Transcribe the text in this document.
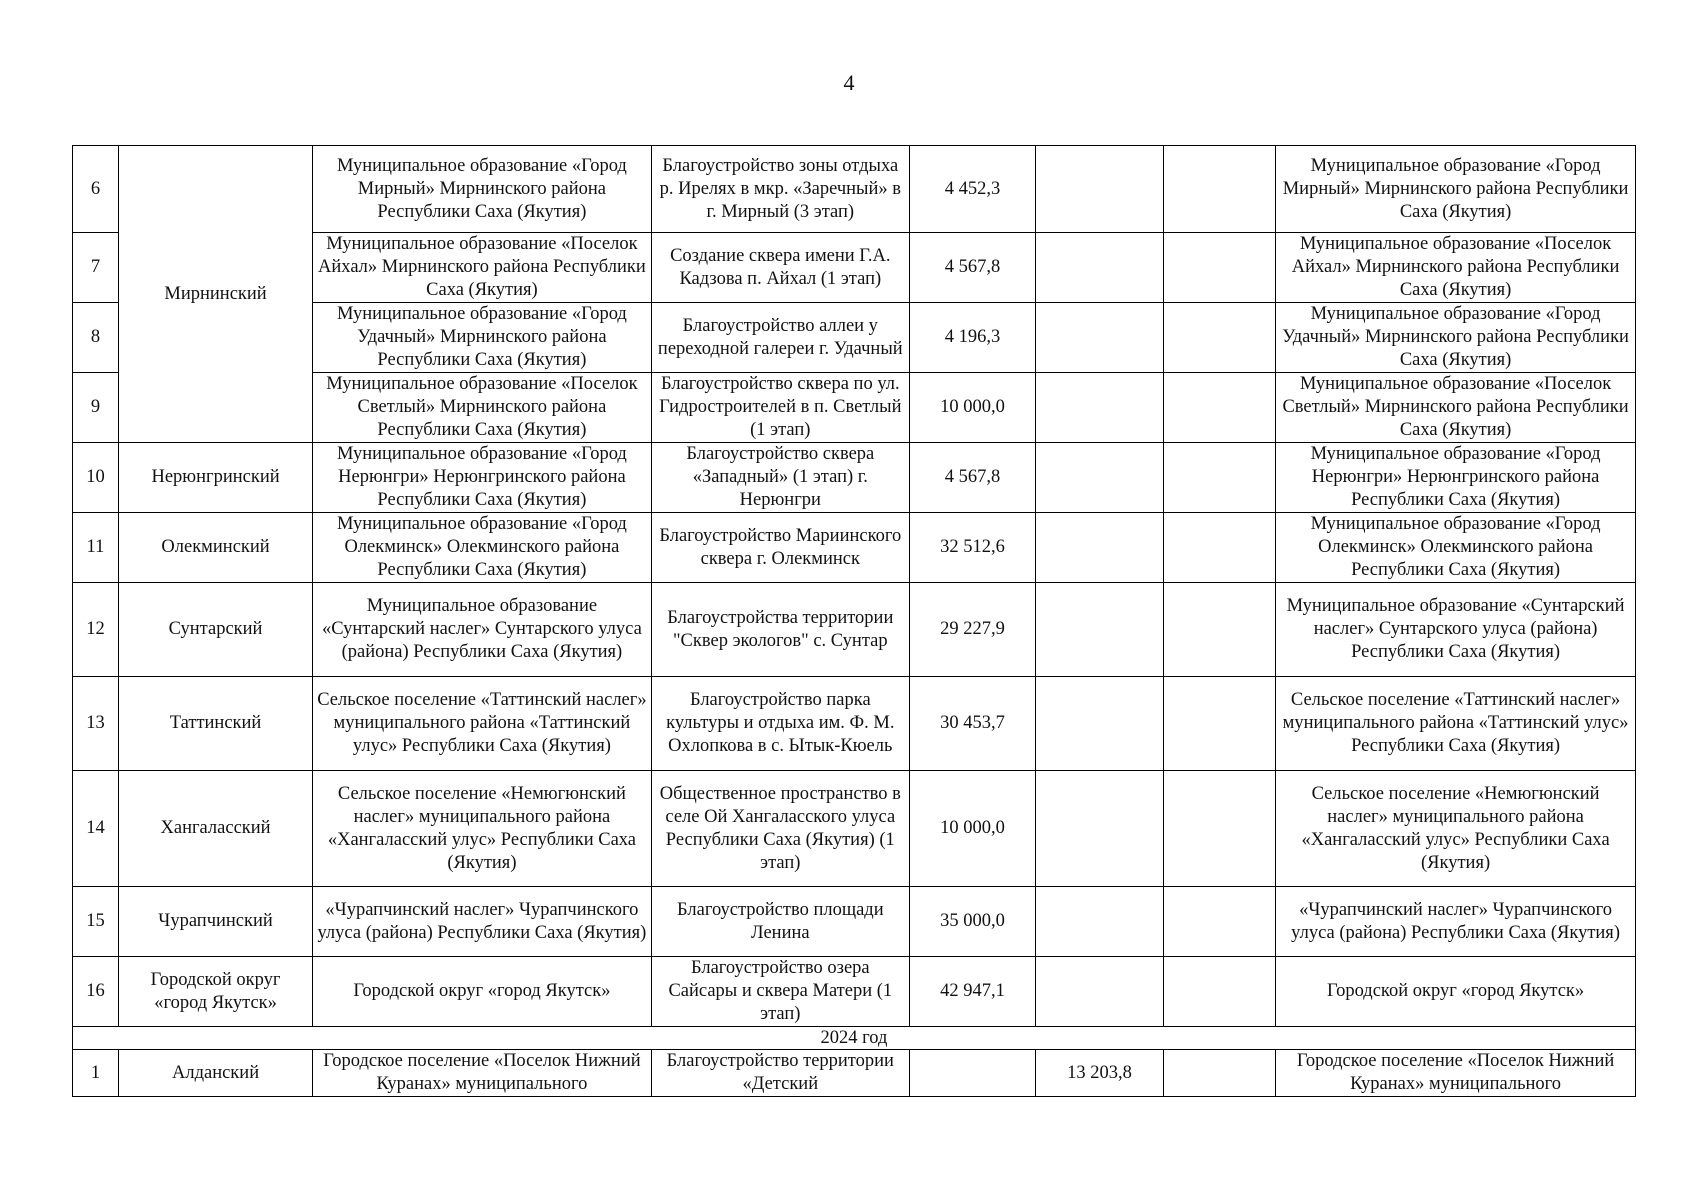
4
6	Мирнинский	Муниципальное образование «Город Мирный» Мирнинского района Республики Саха (Якутия)	Благоустройство зоны отдыха р. Ирелях в мкр. «Заречный» в г. Мирный (3 этап)	4 452,3			Муниципальное образование «Город Мирный» Мирнинского района Республики Саха (Якутия)
7		Муниципальное образование «Поселок Айхал» Мирнинского района Республики Саха (Якутия)	Создание сквера имени Г.А. Кадзова п. Айхал (1 этап)	4 567,8			Муниципальное образование «Поселок Айхал» Мирнинского района Республики Саха (Якутия)
8		Муниципальное образование «Город Удачный» Мирнинского района Республики Саха (Якутия)	Благоустройство аллеи у переходной галереи г. Удачный	4 196,3			Муниципальное образование «Город Удачный» Мирнинского района Республики Саха (Якутия)
9		Муниципальное образование «Поселок Светлый» Мирнинского района Республики Саха (Якутия)	Благоустройство сквера по ул. Гидростроителей в п. Светлый (1 этап)	10 000,0			Муниципальное образование «Поселок Светлый» Мирнинского района Республики Саха (Якутия)
10	Нерюнгринский	Муниципальное образование «Город Нерюнгри» Нерюнгринского района Республики Саха (Якутия)	Благоустройство сквера «Западный» (1 этап) г. Нерюнгри	4 567,8			Муниципальное образование «Город Нерюнгри» Нерюнгринского района Республики Саха (Якутия)
11	Олекминский	Муниципальное образование «Город Олекминск» Олекминского района Республики Саха (Якутия)	Благоустройство Мариинского сквера г. Олекминск	32 512,6			Муниципальное образование «Город Олекминск» Олекминского района Республики Саха (Якутия)
12	Сунтарский	Муниципальное образование «Сунтарский наслег» Сунтарского улуса (района) Республики Саха (Якутия)	Благоустройства территории "Сквер экологов" с. Сунтар	29 227,9			Муниципальное образование «Сунтарский наслег» Сунтарского улуса (района) Республики Саха (Якутия)
13	Таттинский	Сельское поселение «Таттинский наслег» муниципального района «Таттинский улус» Республики Саха (Якутия)	Благоустройство парка культуры и отдыха им. Ф. М. Охлопкова в с. Ытык-Кюель	30 453,7			Сельское поселение «Таттинский наслег» муниципального района «Таттинский улус» Республики Саха (Якутия)
14	Хангаласский	Сельское поселение «Немюгюнский наслег» муниципального района «Хангаласский улус» Республики Саха (Якутия)	Общественное пространство в селе Ой Хангаласского улуса Республики Саха (Якутия) (1 этап)	10 000,0			Сельское поселение «Немюгюнский наслег» муниципального района «Хангаласский улус» Республики Саха (Якутия)
15	Чурапчинский	«Чурапчинский наслег» Чурапчинского улуса (района) Республики Саха (Якутия)	Благоустройство площади Ленина	35 000,0			«Чурапчинский наслег» Чурапчинского улуса (района) Республики Саха (Якутия)
16	Городской округ «город Якутск»	Городской округ «город Якутск»	Благоустройство озера Сайсары и сквера Матери (1 этап)	42 947,1			Городской округ «город Якутск»
2024 год							
1	Алданский	Городское поселение «Поселок Нижний Куранах» муниципального	Благоустройство территории «Детский		13 203,8		Городское поселение «Поселок Нижний Куранах» муниципального
